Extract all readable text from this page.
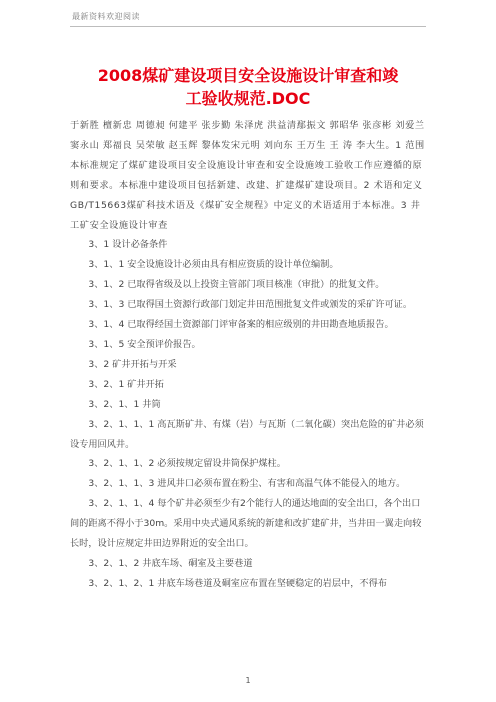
最新资料欢迎阅读
2008煤矿建设项目安全设施设计审查和竣
工验收规范.DOC

于新胜 檀新忠 周德昶 何建平 张步勤 朱泽虎 洪益清鄢振文 郭昭华 张彦彬 刘爱兰 窦永山 郑福良 吴荣敏 赵玉辉 黎体发宋元明 刘向东 王万生 王 涛 李大生。1 范围本标准规定了煤矿建设项目安全设施设计审查和安全设施竣工验收工作应遵循的原则和要求。本标准中建设项目包括新建、改建、扩建煤矿建设项目。2 术语和定义GB/T15663煤矿科技术语及《煤矿安全规程》中定义的术语适用于本标准。3 井工矿安全设施设计审查

3、1 设计必备条件

3、1、1 安全设施设计必须由具有相应资质的设计单位编制。

3、1、2 已取得省级及以上投资主管部门项目核准（审批）的批复文件。

3、1、3 已取得国土资源行政部门划定井田范围批复文件或颁发的采矿许可证。

3、1、4 已取得经国土资源部门评审备案的相应级别的井田勘查地质报告。

3、1、5 安全预评价报告。

3、2 矿井开拓与开采

3、2、1 矿井开拓

3、2、1、1 井筒

3、2、1、1、1 高瓦斯矿井、有煤（岩）与瓦斯（二氧化碳）突出危险的矿井必须设专用回风井。

3、2、1、1、2 必须按规定留设井筒保护煤柱。

3、2、1、1、3 进风井口必须布置在粉尘、有害和高温气体不能侵入的地方。

3、2、1、1、4 每个矿井必须至少有2个能行人的通达地面的安全出口，各个出口间的距离不得小于30m。采用中央式通风系统的新建和改扩建矿井，当井田一翼走向较长时，设计应规定井田边界附近的安全出口。

3、2、1、2 井底车场、硐室及主要巷道

3、2、1、2、1 井底车场巷道及硐室应布置在坚硬稳定的岩层中，不得布

1
